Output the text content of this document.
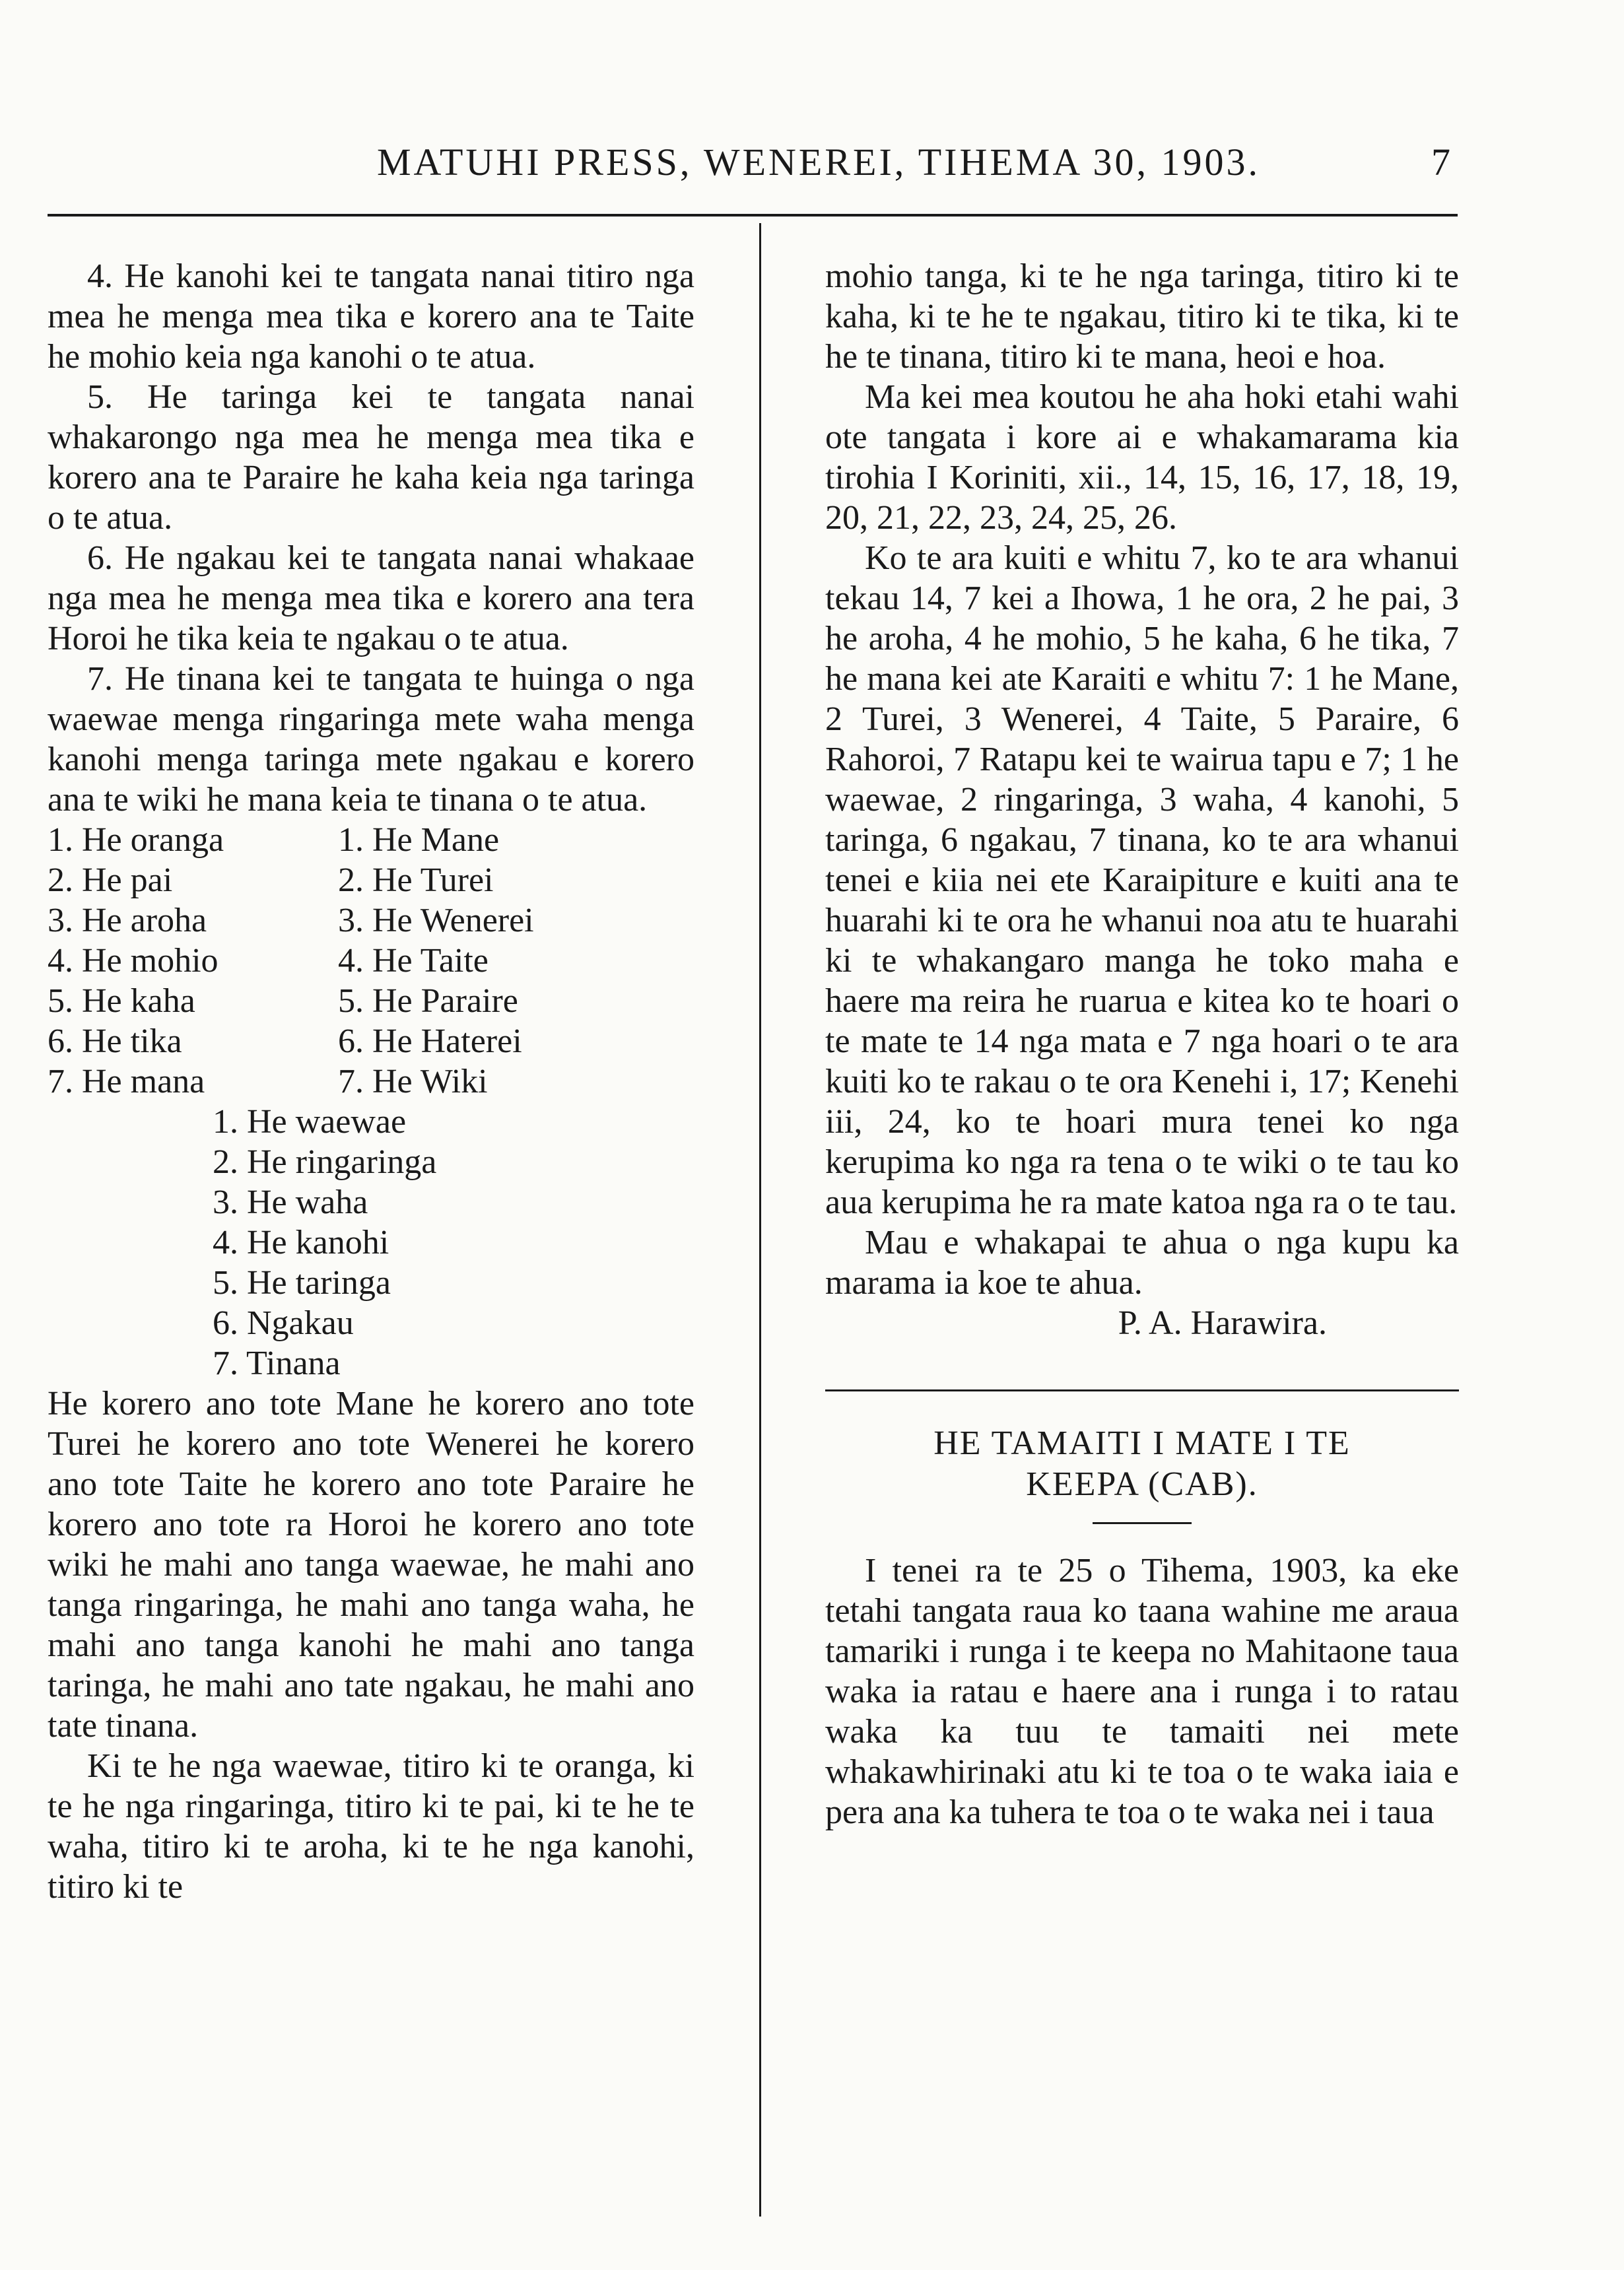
MATUHI PRESS, WENEREI, TIHEMA 30, 1903.	7

4. He kanohi kei te tangata nanai titiro nga mea he menga mea tika e korero ana te Taite he mohio keia nga kanohi o te atua.

5. He taringa kei te tangata nanai whakarongo nga mea he menga mea tika e korero ana te Paraire he kaha keia nga taringa o te atua.

6. He ngakau kei te tangata nanai whakaae nga mea he menga mea tika e korero ana tera Horoi he tika keia te ngakau o te atua.

7. He tinana kei te tangata te huinga o nga waewae menga ringaringa mete waha menga kanohi menga taringa mete ngakau e korero ana te wiki he mana keia te tinana o te atua.

1. He oranga	1. He Mane
2. He pai	2. He Turei
3. He aroha	3. He Wenerei
4. He mohio	4. He Taite
5. He kaha	5. He Paraire
6. He tika	6. He Haterei
7. He mana	7. He Wiki
1. He waewae
2. He ringaringa
3. He waha
4. He kanohi
5. He taringa
6. Ngakau
7. Tinana

He korero ano tote Mane he korero ano tote Turei he korero ano tote Wenerei he korero ano tote Taite he korero ano tote Paraire he korero ano tote ra Horoi he korero ano tote wiki he mahi ano tanga waewae, he mahi ano tanga ringaringa, he mahi ano tanga waha, he mahi ano tanga kanohi he mahi ano tanga taringa, he mahi ano tate ngakau, he mahi ano tate tinana.

Ki te he nga waewae, titiro ki te oranga, ki te he nga ringaringa, titiro ki te pai, ki te he te waha, titiro ki te aroha, ki te he nga kanohi, titiro ki te

mohio tanga, ki te he nga taringa, titiro ki te kaha, ki te he te ngakau, titiro ki te tika, ki te he te tinana, titiro ki te mana, heoi e hoa.

Ma kei mea koutou he aha hoki etahi wahi ote tangata i kore ai e whakamarama kia tirohia I Koriniti, xii., 14, 15, 16, 17, 18, 19, 20, 21, 22, 23, 24, 25, 26.

Ko te ara kuiti e whitu 7, ko te ara whanui tekau 14, 7 kei a Ihowa, 1 he ora, 2 he pai, 3 he aroha, 4 he mohio, 5 he kaha, 6 he tika, 7 he mana kei ate Karaiti e whitu 7: 1 he Mane, 2 Turei, 3 Wenerei, 4 Taite, 5 Paraire, 6 Rahoroi, 7 Ratapu kei te wairua tapu e 7; 1 he waewae, 2 ringaringa, 3 waha, 4 kanohi, 5 taringa, 6 ngakau, 7 tinana, ko te ara whanui tenei e kiia nei ete Karaipiture e kuiti ana te huarahi ki te ora he whanui noa atu te huarahi ki te whakangaro manga he toko maha e haere ma reira he ruarua e kitea ko te hoari o te mate te 14 nga mata e 7 nga hoari o te ara kuiti ko te rakau o te ora Kenehi i, 17; Kenehi iii, 24, ko te hoari mura tenei ko nga kerupima ko nga ra tena o te wiki o te tau ko aua kerupima he ra mate katoa nga ra o te tau.

Mau e whakapai te ahua o nga kupu ka marama ia koe te ahua.

P. A. Harawira.
HE TAMAITI I MATE I TE
KEEPA (CAB).

I tenei ra te 25 o Tihema, 1903, ka eke tetahi tangata raua ko taana wahine me araua tamariki i runga i te keepa no Mahitaone taua waka ia ratau e haere ana i runga i to ratau waka ka tuu te tamaiti nei mete whakawhirinaki atu ki te toa o te waka iaia e pera ana ka tuhera te toa o te waka nei i taua
